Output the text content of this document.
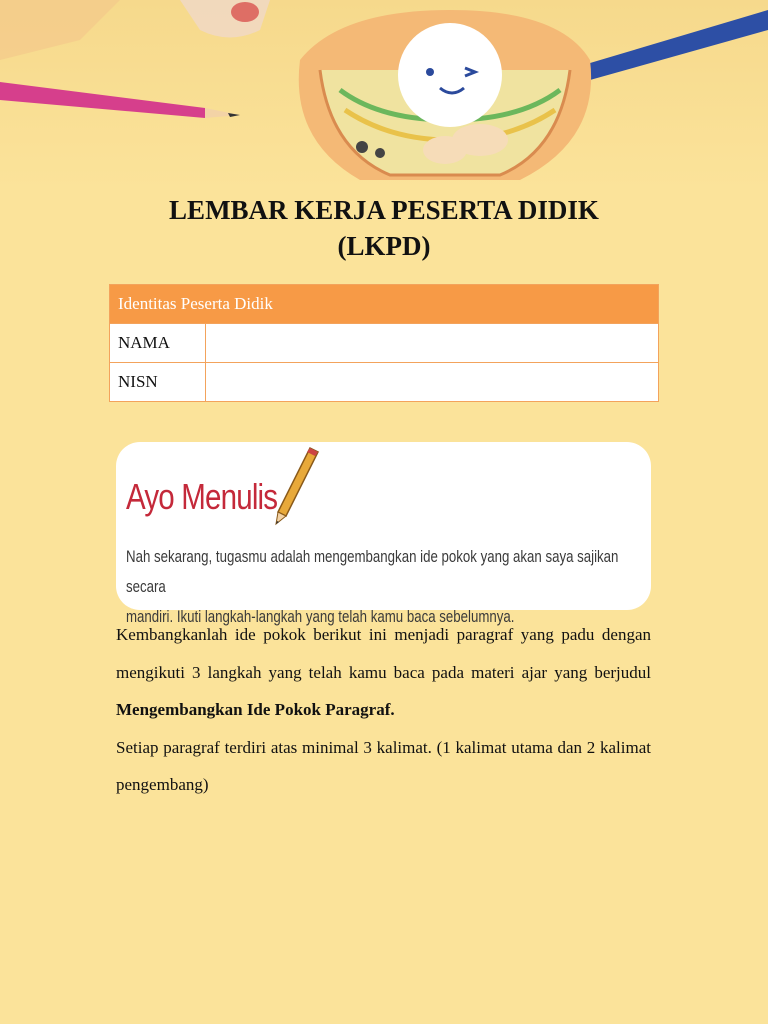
LEMBAR KERJA PESERTA DIDIK
(LKPD)
Identitas Peserta Didik	
NAMA	
NISN	
Ayo Menulis
Nah sekarang, tugasmu adalah mengembangkan ide pokok yang akan saya sajikan secara
mandiri. Ikuti langkah-langkah yang telah kamu baca sebelumnya.

Kembangkanlah ide pokok berikut ini menjadi paragraf yang padu dengan mengikuti 3 langkah yang telah kamu baca pada materi ajar yang berjudul Mengembangkan Ide Pokok Paragraf.

Setiap paragraf terdiri atas minimal 3 kalimat. (1 kalimat utama dan 2 kalimat pengembang)
